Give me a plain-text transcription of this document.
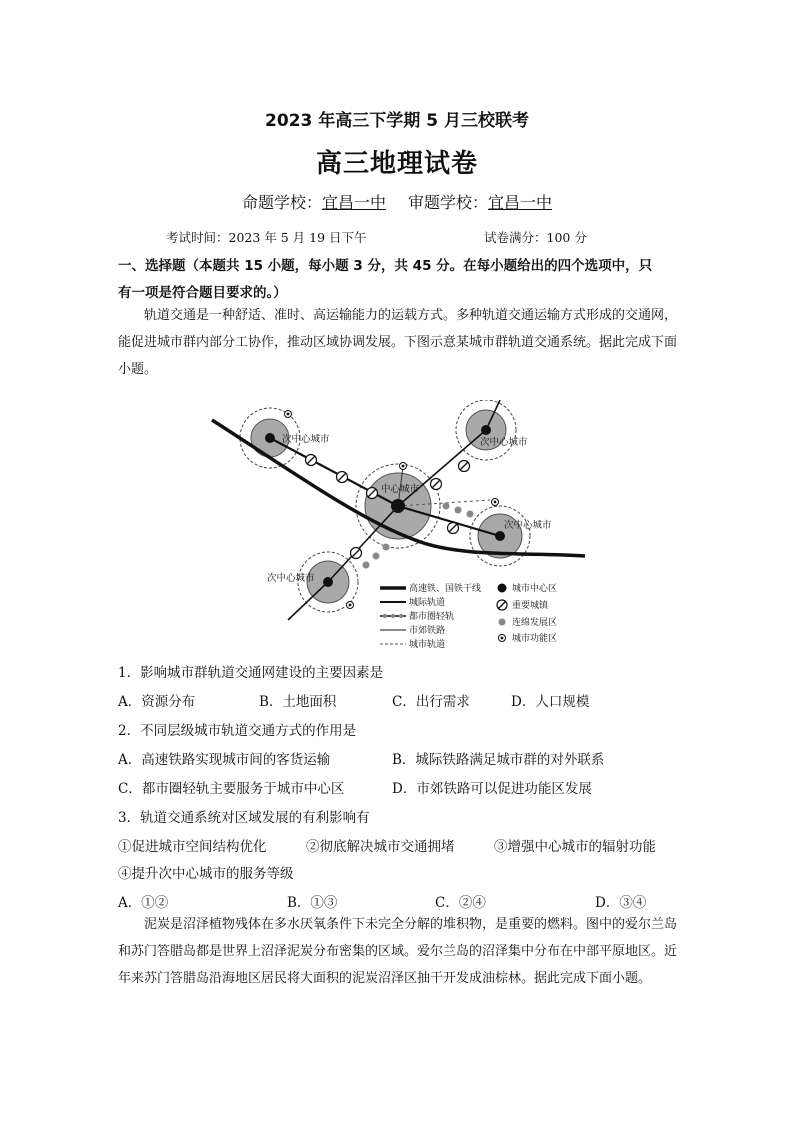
2023 年高三下学期 5 月三校联考
高三地理试卷
命题学校：宜昌一中 审题学校：宜昌一中
考试时间：2023 年 5 月 19 日下午	试卷满分：100 分
一、选择题（本题共 15 小题，每小题 3 分，共 45 分。在每小题给出的四个选项中，只
有一项是符合题目要求的。）
轨道交通是一种舒适、准时、高运输能力的运载方式。多种轨道交通运输方式形成的交通网，能促进城市群内部分工协作，推动区域协调发展。下图示意某城市群轨道交通系统。据此完成下面小题。
次中心城市	次中心城市
中心城市
次中心城市
次中心城市
高速铁、国铁干线
城际轨道
都市圈轻轨
市郊铁路
城市轨道
城市中心区
重要城镇
连绵发展区
城市功能区
1．影响城市群轨道交通网建设的主要因素是
A．资源分布	B．土地面积	C．出行需求	D．人口规模
2．不同层级城市轨道交通方式的作用是
A．高速铁路实现城市间的客货运输	B．城际铁路满足城市群的对外联系
C．都市圈轻轨主要服务于城市中心区	D．市郊铁路可以促进功能区发展
3．轨道交通系统对区域发展的有利影响有
①促进城市空间结构优化	②彻底解决城市交通拥堵	③增强中心城市的辐射功能
④提升次中心城市的服务等级
A．①②	B．①③	C．②④	D．③④
泥炭是沼泽植物残体在多水厌氧条件下未完全分解的堆积物，是重要的燃料。图中的爱尔兰岛和苏门答腊岛都是世界上沼泽泥炭分布密集的区域。爱尔兰岛的沼泽集中分布在中部平原地区。近年来苏门答腊岛沿海地区居民将大面积的泥炭沼泽区抽干开发成油棕林。据此完成下面小题。
